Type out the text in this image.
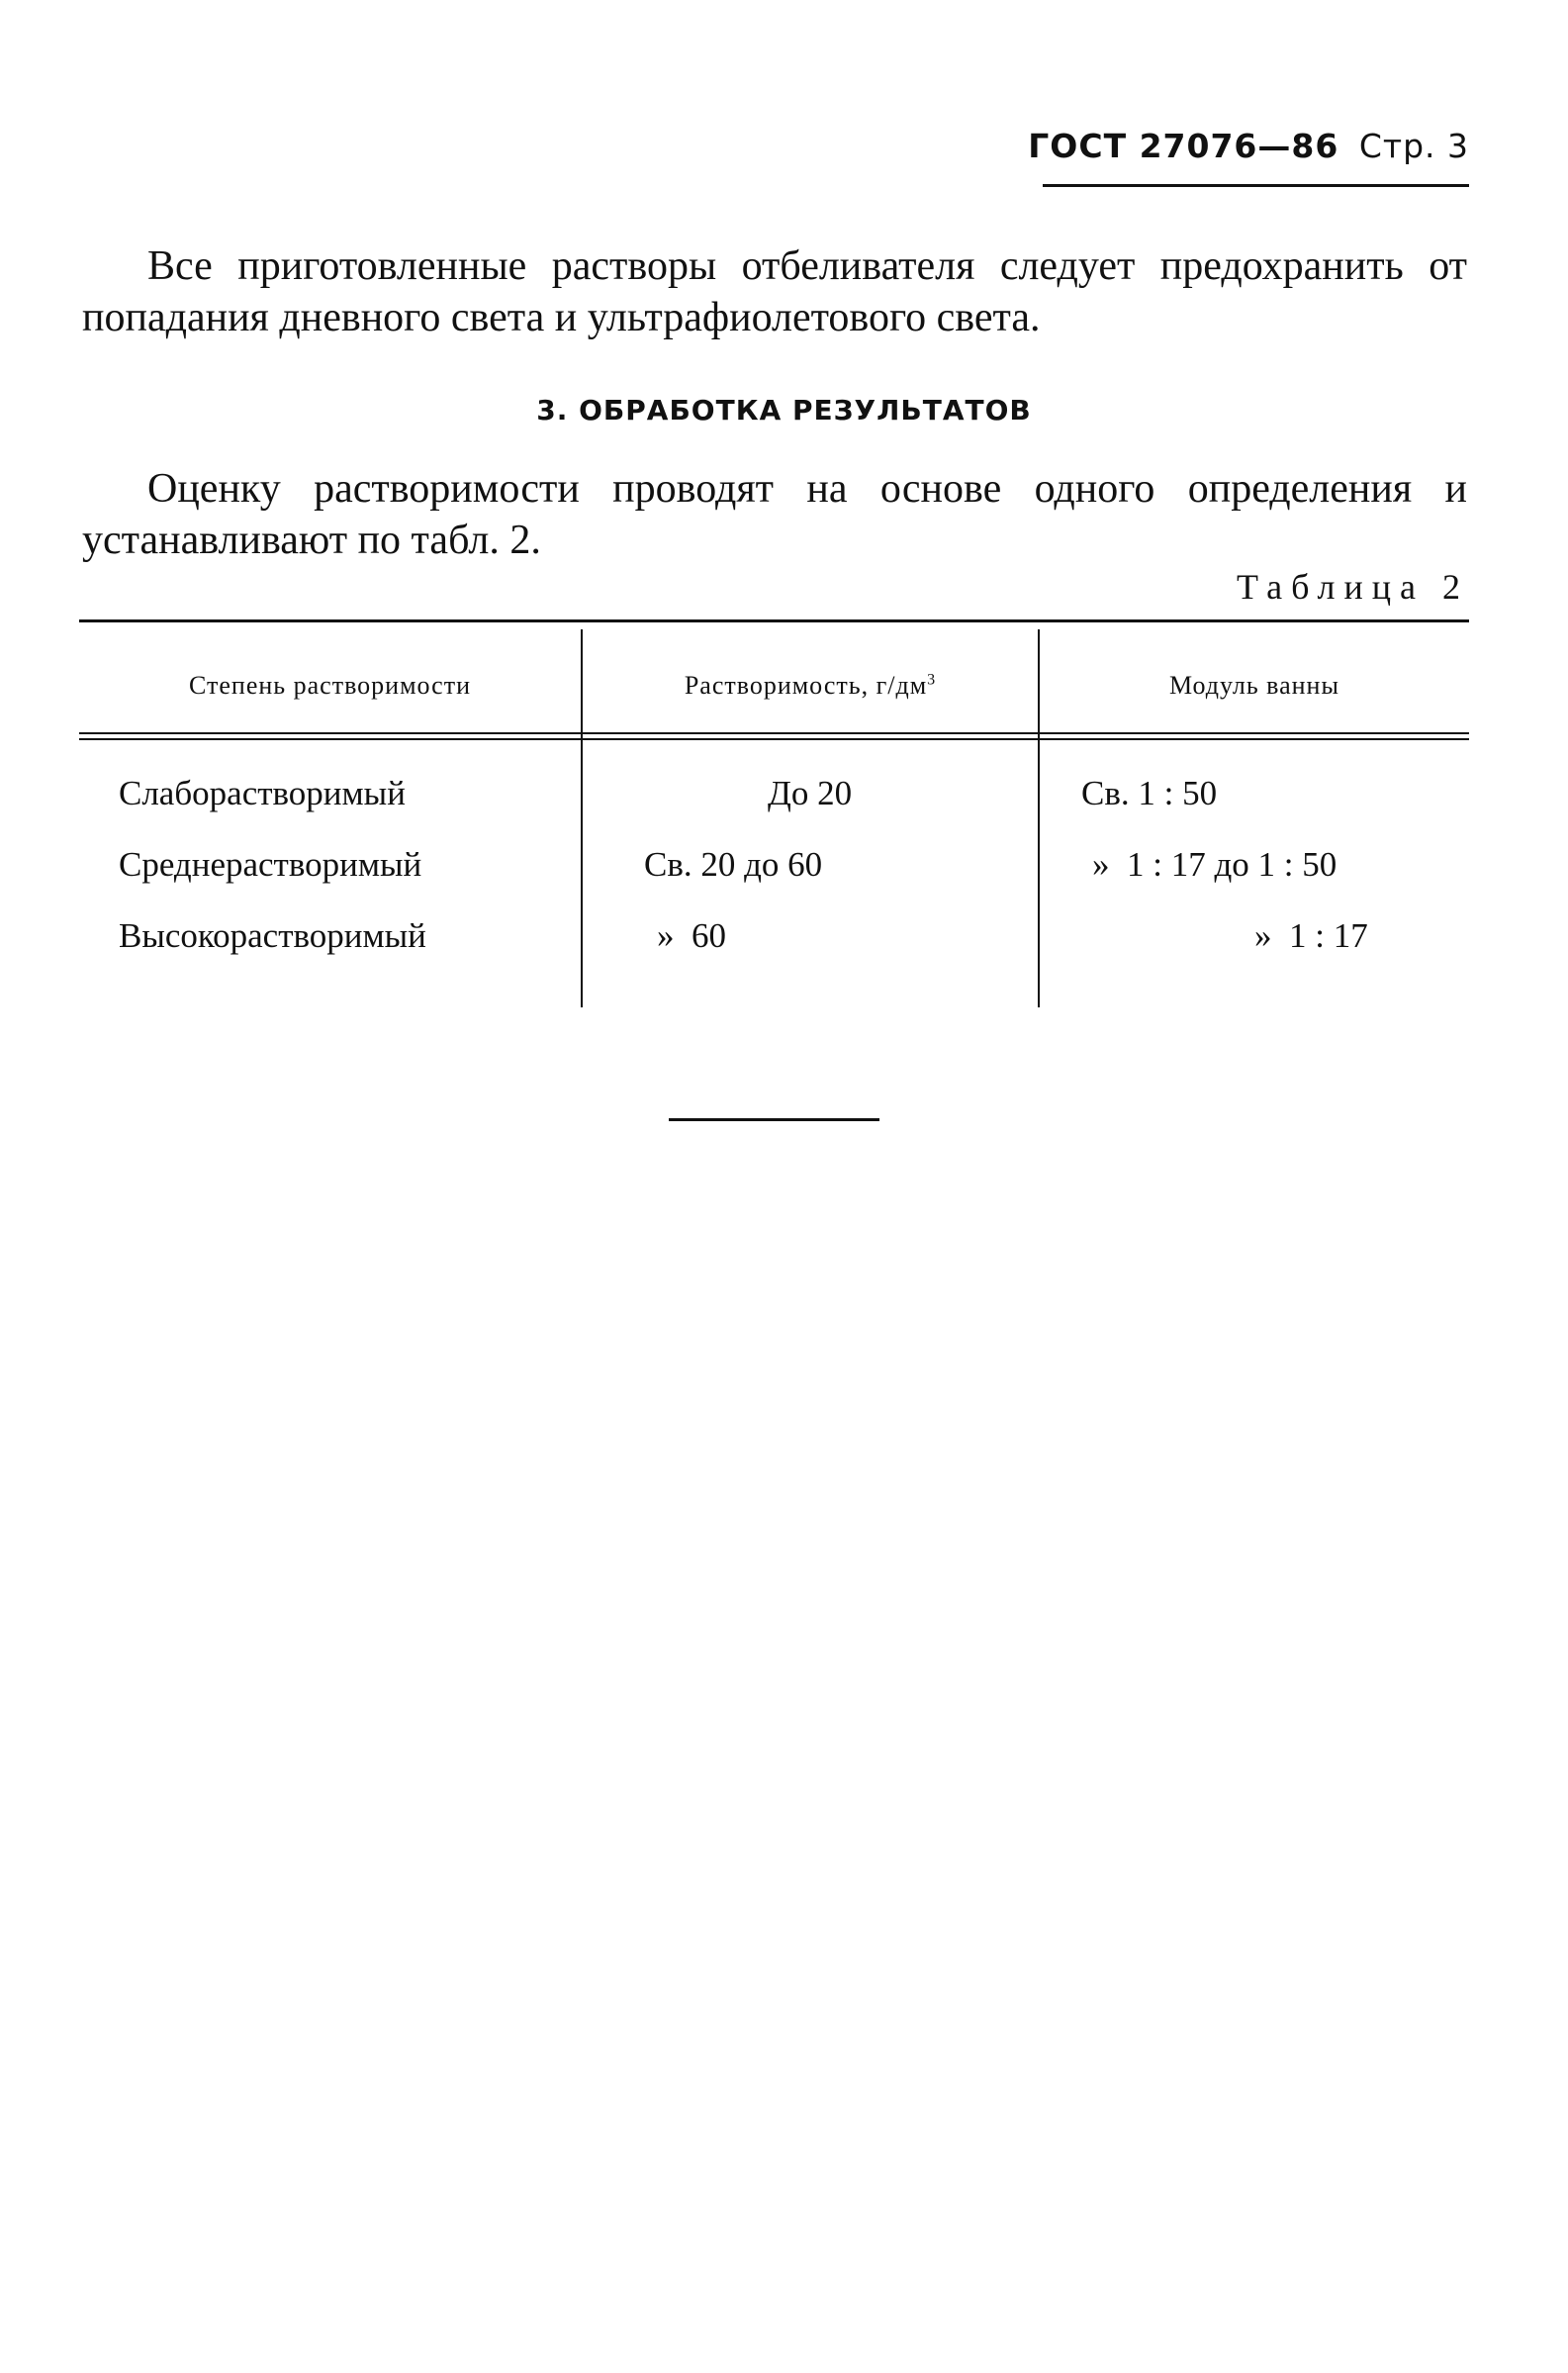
ГОСТ 27076—86 Стр. 3

Все приготовленные растворы отбеливателя следует предохранить от попадания дневного света и ультрафиолетового света.

3. ОБРАБОТКА РЕЗУЛЬТАТОВ

Оценку растворимости проводят на основе одного определения и устанавливают по табл. 2.

Таблица 2
Степень растворимости	Растворимость, $г/дм^3$	Модуль ванны
Слаборастворимый	До 20	Св. 1 : 50
Среднерастворимый	Св. 20 до 60	»  1 : 17 до 1 : 50
Высокорастворимый	»  60	»  1 : 17
